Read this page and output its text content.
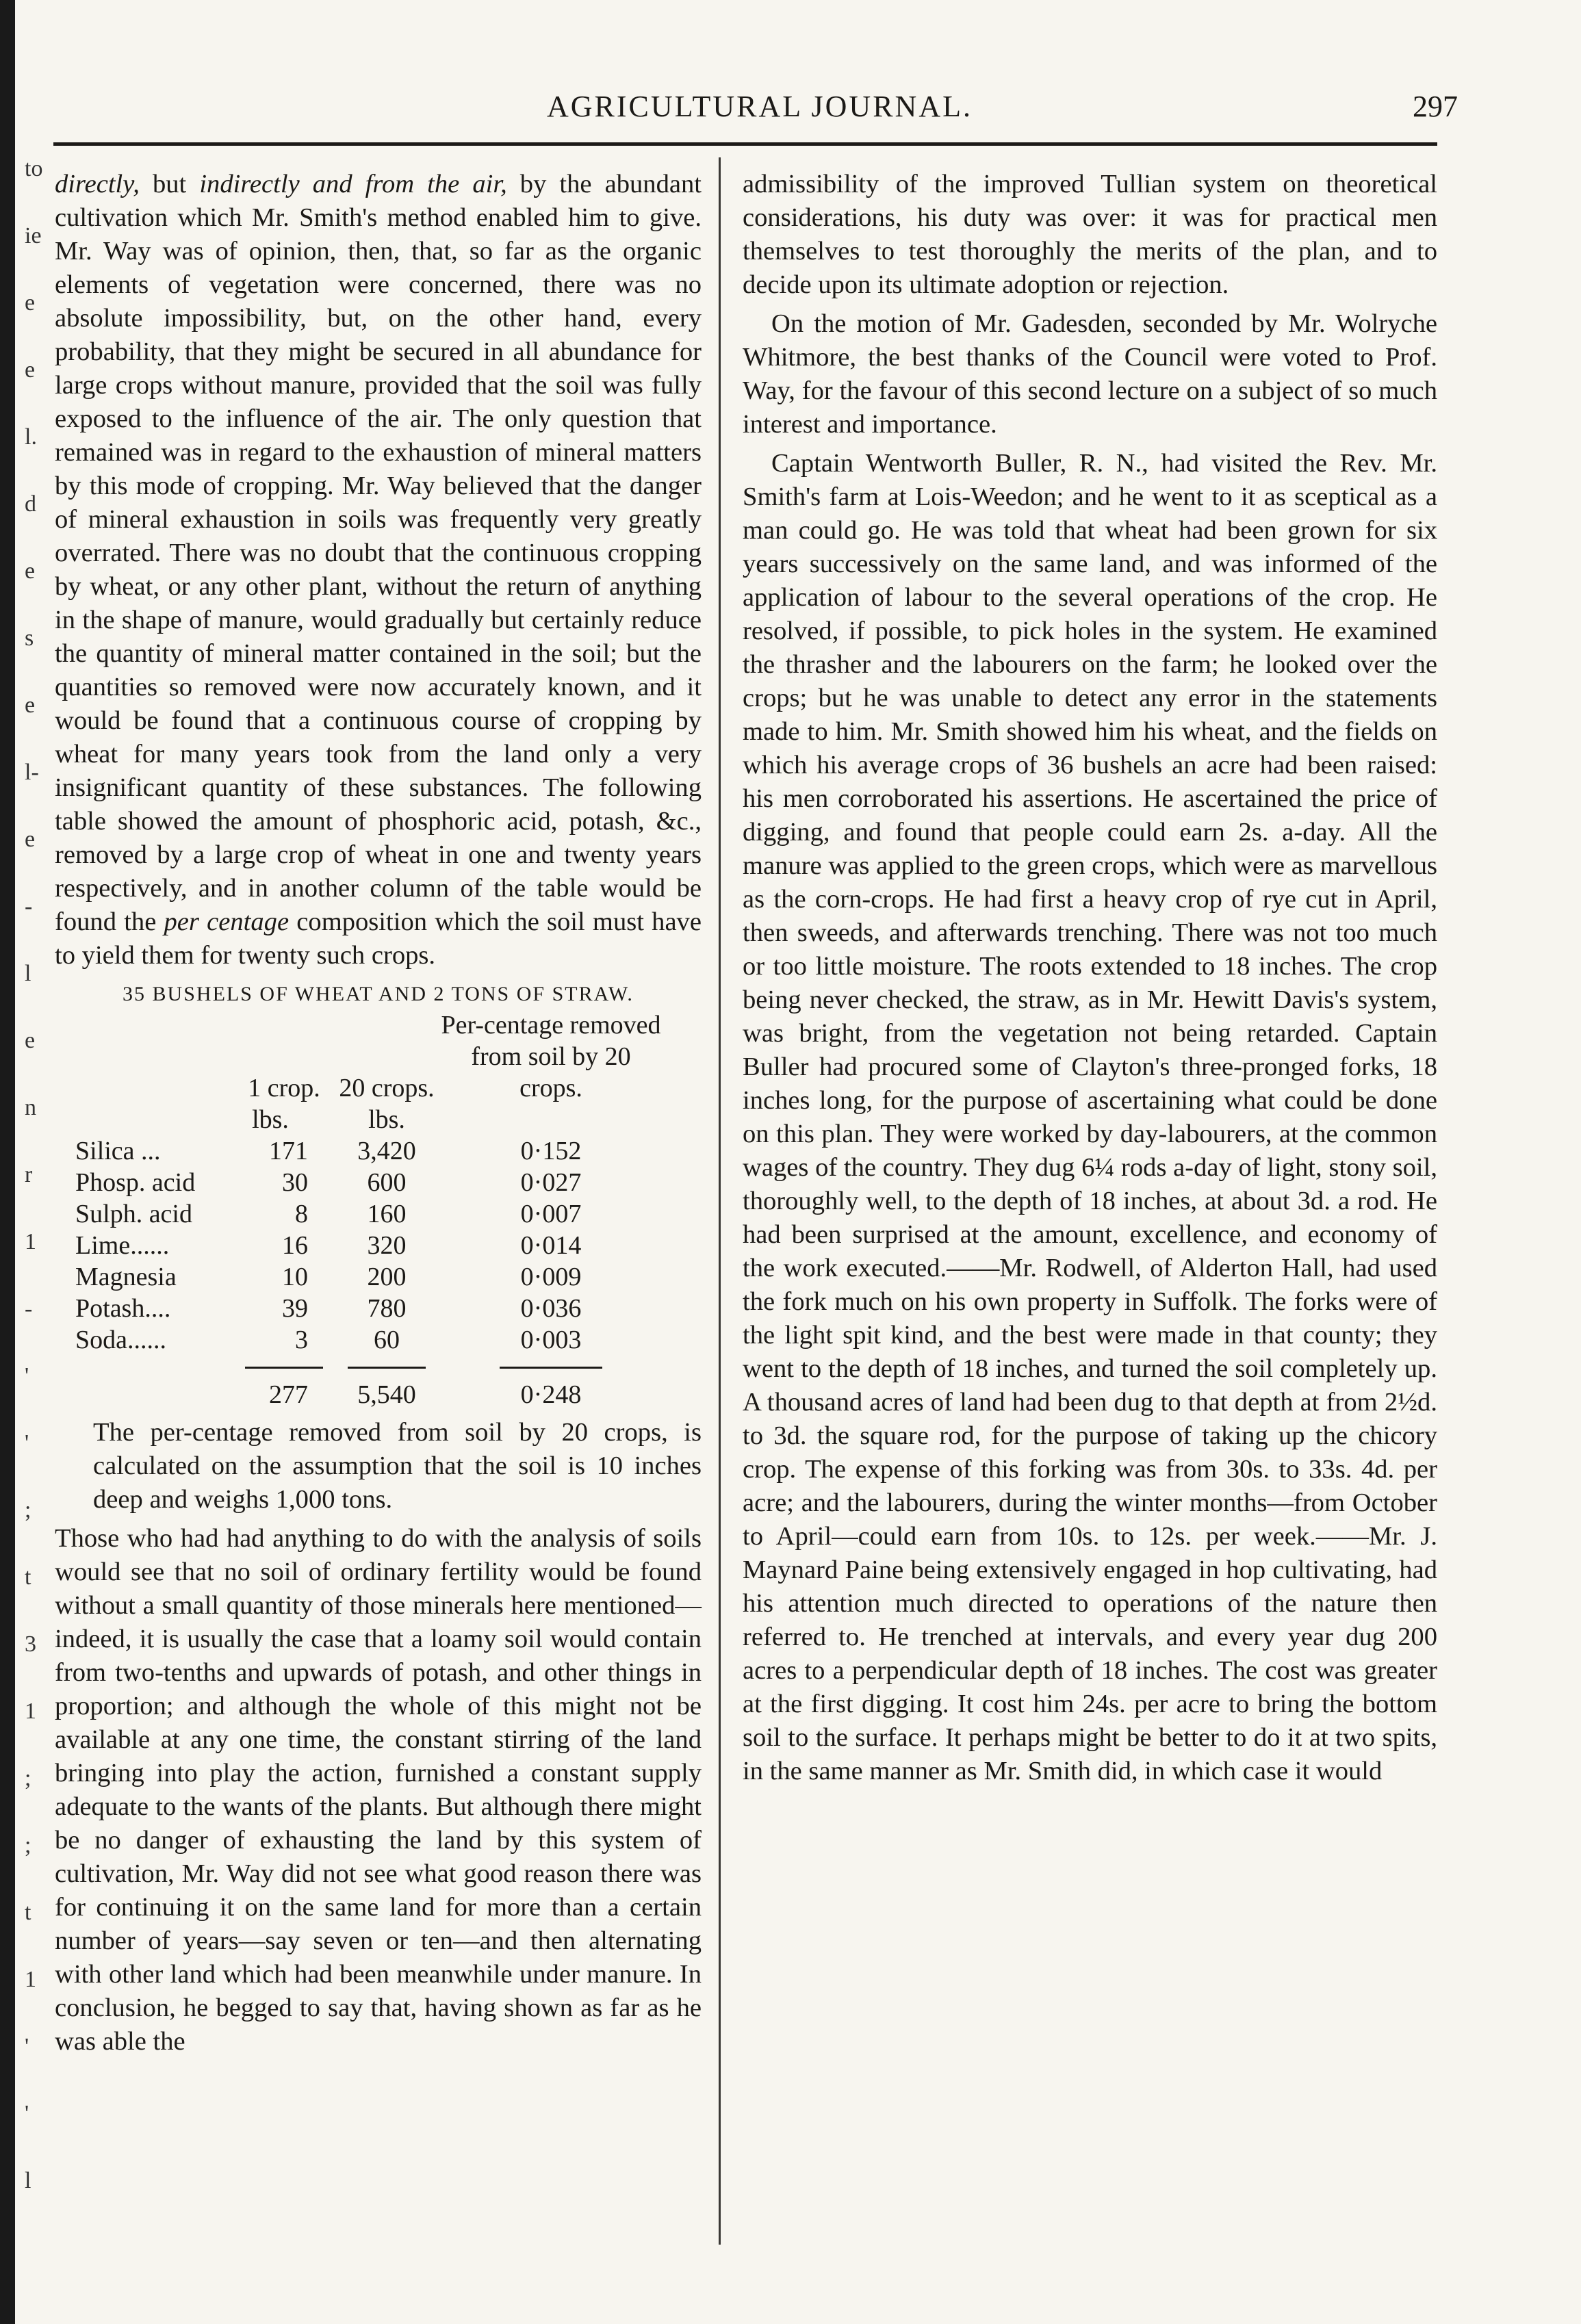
to
ie
e
e
l.
d
e
s
e
l-
e
-
l
e
n
r
1
-
'
'
;
t
3
1
;
;
t
1
'
'
l
AGRICULTURAL JOURNAL.	297

directly, but indirectly and from the air, by the abundant cultivation which Mr. Smith's method enabled him to give. Mr. Way was of opinion, then, that, so far as the organic elements of vegetation were concerned, there was no absolute impossibility, but, on the other hand, every probability, that they might be secured in all abundance for large crops without manure, provided that the soil was fully exposed to the influence of the air. The only question that remained was in regard to the exhaustion of mineral matters by this mode of cropping. Mr. Way believed that the danger of mineral exhaustion in soils was frequently very greatly overrated. There was no doubt that the continuous cropping by wheat, or any other plant, without the return of anything in the shape of manure, would gradually but certainly reduce the quantity of mineral matter contained in the soil; but the quantities so removed were now accurately known, and it would be found that a continuous course of cropping by wheat for many years took from the land only a very insignificant quantity of these substances. The following table showed the amount of phosphoric acid, potash, &c., removed by a large crop of wheat in one and twenty years respectively, and in another column of the table would be found the per centage composition which the soil must have to yield them for twenty such crops.

35 BUSHELS OF WHEAT AND 2 TONS OF STRAW.
	1 crop.	20 crops.	Per-centage removed from soil by 20 crops.
	lbs.	lbs.	
Silica ...	171	3,420	0·152
Phosp. acid	30	600	0·027
Sulph. acid	8	160	0·007
Lime......	16	320	0·014
Magnesia	10	200	0·009
Potash....	39	780	0·036
Soda......	3	60	0·003

	277	5,540	0·248

The per-centage removed from soil by 20 crops, is calculated on the assumption that the soil is 10 inches deep and weighs 1,000 tons.

Those who had had anything to do with the analysis of soils would see that no soil of ordinary fertility would be found without a small quantity of those minerals here mentioned—indeed, it is usually the case that a loamy soil would contain from two-tenths and upwards of potash, and other things in proportion; and although the whole of this might not be available at any one time, the constant stirring of the land bringing into play the action, furnished a constant supply adequate to the wants of the plants. But although there might be no danger of exhausting the land by this system of cultivation, Mr. Way did not see what good reason there was for continuing it on the same land for more than a certain number of years—say seven or ten—and then alternating with other land which had been meanwhile under manure. In conclusion, he begged to say that, having shown as far as he was able the

admissibility of the improved Tullian system on theoretical considerations, his duty was over: it was for practical men themselves to test thoroughly the merits of the plan, and to decide upon its ultimate adoption or rejection.

On the motion of Mr. Gadesden, seconded by Mr. Wolryche Whitmore, the best thanks of the Council were voted to Prof. Way, for the favour of this second lecture on a subject of so much interest and importance.

Captain Wentworth Buller, R. N., had visited the Rev. Mr. Smith's farm at Lois-Weedon; and he went to it as sceptical as a man could go. He was told that wheat had been grown for six years successively on the same land, and was informed of the application of labour to the several operations of the crop. He resolved, if possible, to pick holes in the system. He examined the thrasher and the labourers on the farm; he looked over the crops; but he was unable to detect any error in the statements made to him. Mr. Smith showed him his wheat, and the fields on which his average crops of 36 bushels an acre had been raised: his men corroborated his assertions. He ascertained the price of digging, and found that people could earn 2s. a-day. All the manure was applied to the green crops, which were as marvellous as the corn-crops. He had first a heavy crop of rye cut in April, then sweeds, and afterwards trenching. There was not too much or too little moisture. The roots extended to 18 inches. The crop being never checked, the straw, as in Mr. Hewitt Davis's system, was bright, from the vegetation not being retarded. Captain Buller had procured some of Clayton's three-pronged forks, 18 inches long, for the purpose of ascertaining what could be done on this plan. They were worked by day-labourers, at the common wages of the country. They dug 6¼ rods a-day of light, stony soil, thoroughly well, to the depth of 18 inches, at about 3d. a rod. He had been surprised at the amount, excellence, and economy of the work executed.——Mr. Rodwell, of Alderton Hall, had used the fork much on his own property in Suffolk. The forks were of the light spit kind, and the best were made in that county; they went to the depth of 18 inches, and turned the soil completely up. A thousand acres of land had been dug to that depth at from 2½d. to 3d. the square rod, for the purpose of taking up the chicory crop. The expense of this forking was from 30s. to 33s. 4d. per acre; and the labourers, during the winter months—from October to April—could earn from 10s. to 12s. per week.——Mr. J. Maynard Paine being extensively engaged in hop cultivating, had his attention much directed to operations of the nature then referred to. He trenched at intervals, and every year dug 200 acres to a perpendicular depth of 18 inches. The cost was greater at the first digging. It cost him 24s. per acre to bring the bottom soil to the surface. It perhaps might be better to do it at two spits, in the same manner as Mr. Smith did, in which case it would
